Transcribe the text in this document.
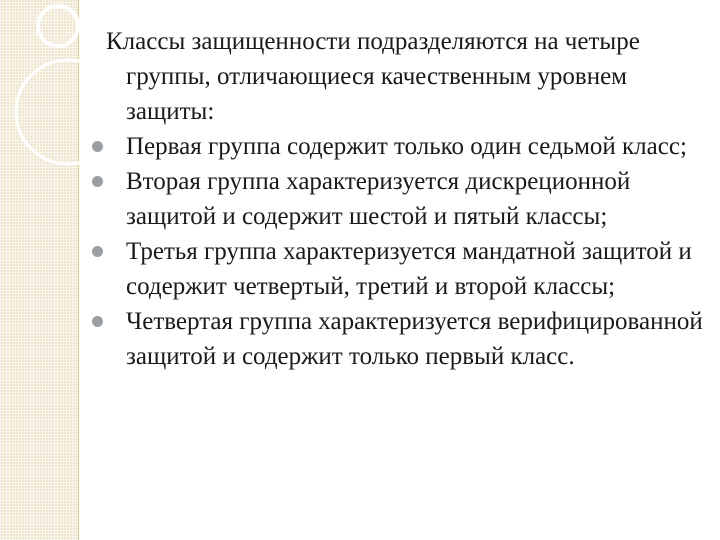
Классы защищенности подразделяются на четыре группы, отличающиеся качественным уровнем защиты:

Первая группа содержит только один седьмой класс;
Вторая группа характеризуется дискреционной защитой и содержит шестой и пятый классы;
Третья группа характеризуется мандатной защитой и содержит четвертый, третий и второй классы;
Четвертая группа характеризуется верифицированной защитой и содержит только первый класс.
